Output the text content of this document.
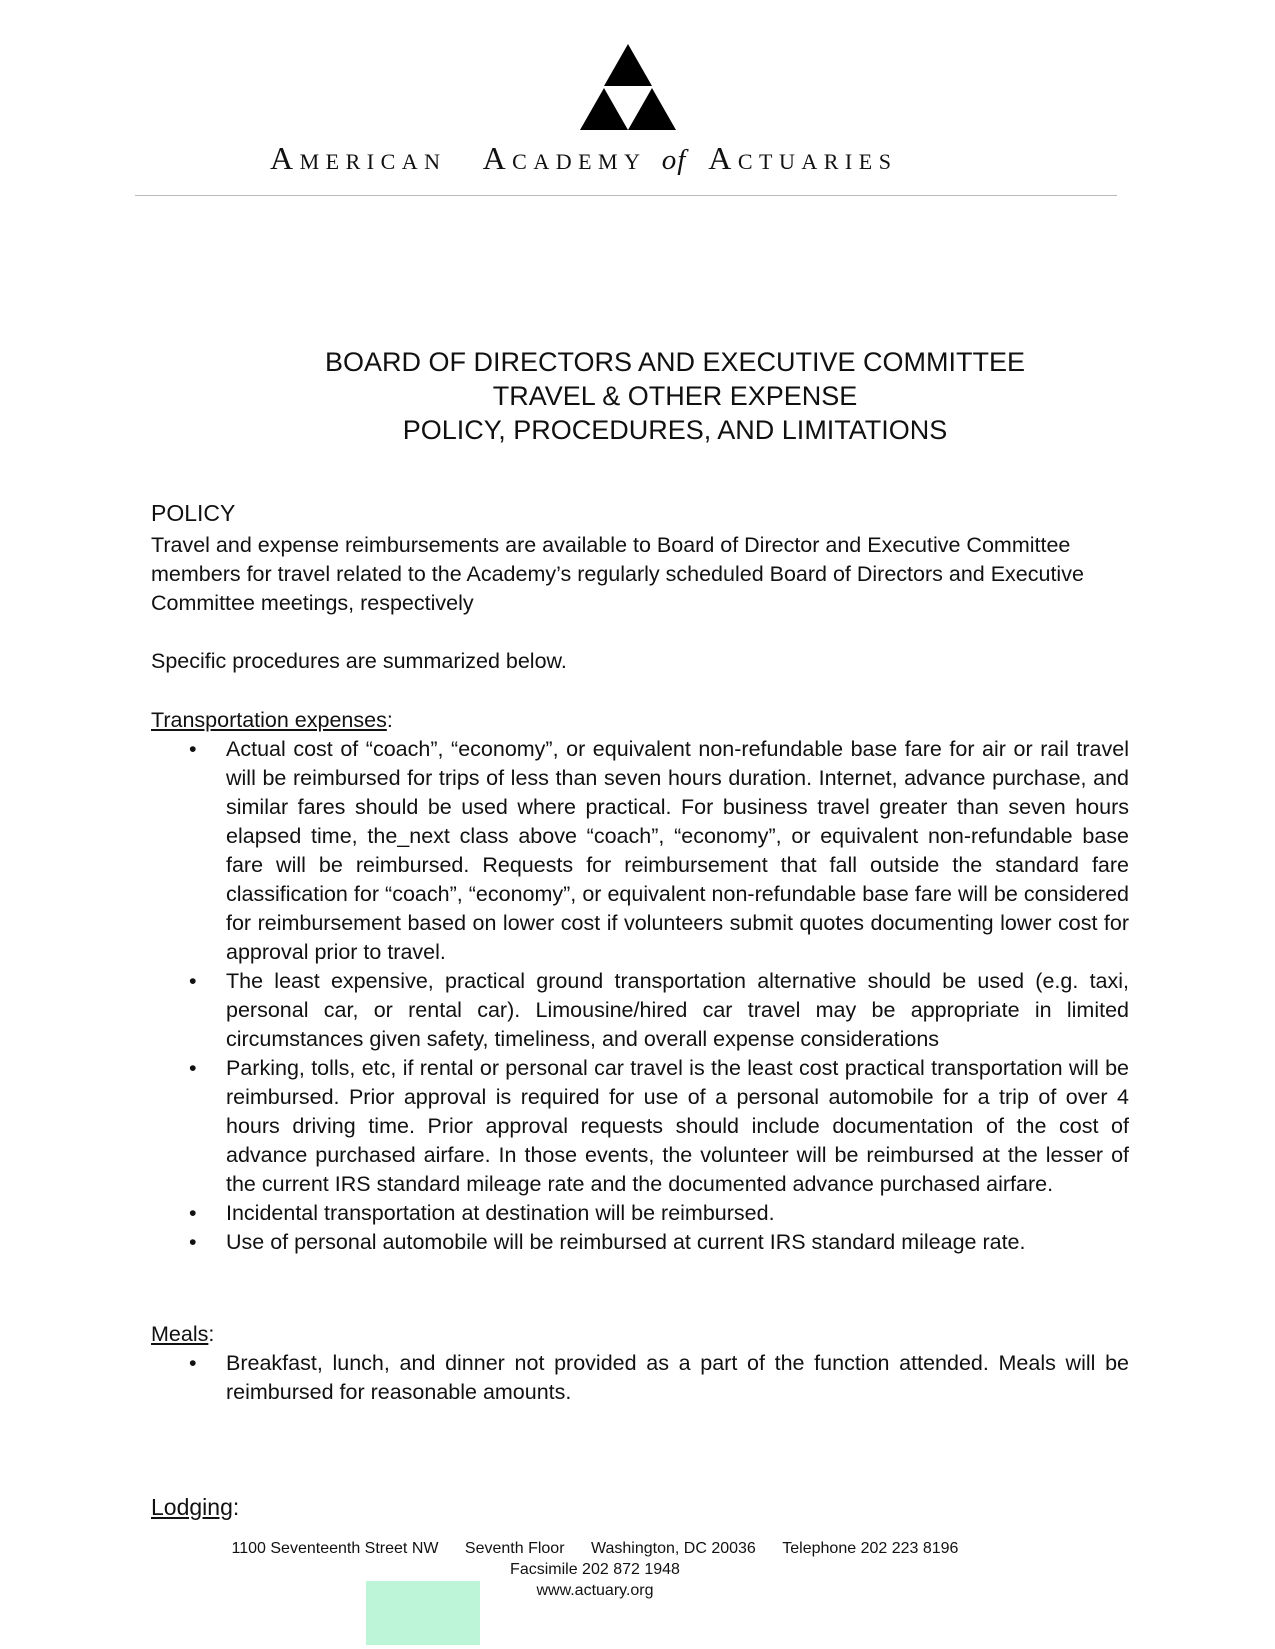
AMERICAN ACADEMY of ACTUARIES
BOARD OF DIRECTORS AND EXECUTIVE COMMITTEE
TRAVEL & OTHER EXPENSE
POLICY, PROCEDURES, AND LIMITATIONS
POLICY

Travel and expense reimbursements are available to Board of Director and Executive Committee members for travel related to the Academy’s regularly scheduled Board of Directors and Executive Committee meetings, respectively

Specific procedures are summarized below.

Transportation expenses:
• Actual cost of “coach”, “economy”, or equivalent non-refundable base fare for air or rail travel will be reimbursed for trips of less than seven hours duration. Internet, advance purchase, and similar fares should be used where practical. For business travel greater than seven hours elapsed time, the_next class above “coach”, “economy”, or equivalent non-refundable base fare will be reimbursed. Requests for reimbursement that fall outside the standard fare classification for “coach”, “economy”, or equivalent non-refundable base fare will be considered for reimbursement based on lower cost if volunteers submit quotes documenting lower cost for approval prior to travel.
• The least expensive, practical ground transportation alternative should be used (e.g. taxi, personal car, or rental car). Limousine/hired car travel may be appropriate in limited circumstances given safety, timeliness, and overall expense considerations
• Parking, tolls, etc, if rental or personal car travel is the least cost practical transportation will be reimbursed. Prior approval is required for use of a personal automobile for a trip of over 4 hours driving time. Prior approval requests should include documentation of the cost of advance purchased airfare. In those events, the volunteer will be reimbursed at the lesser of the current IRS standard mileage rate and the documented advance purchased airfare.
• Incidental transportation at destination will be reimbursed.
• Use of personal automobile will be reimbursed at current IRS standard mileage rate.
Meals:
• Breakfast, lunch, and dinner not provided as a part of the function attended. Meals will be reimbursed for reasonable amounts.
Lodging:
1100 Seventeenth Street NW Seventh Floor Washington, DC 20036 Telephone 202 223 8196 Facsimile 202 872 1948
www.actuary.org
